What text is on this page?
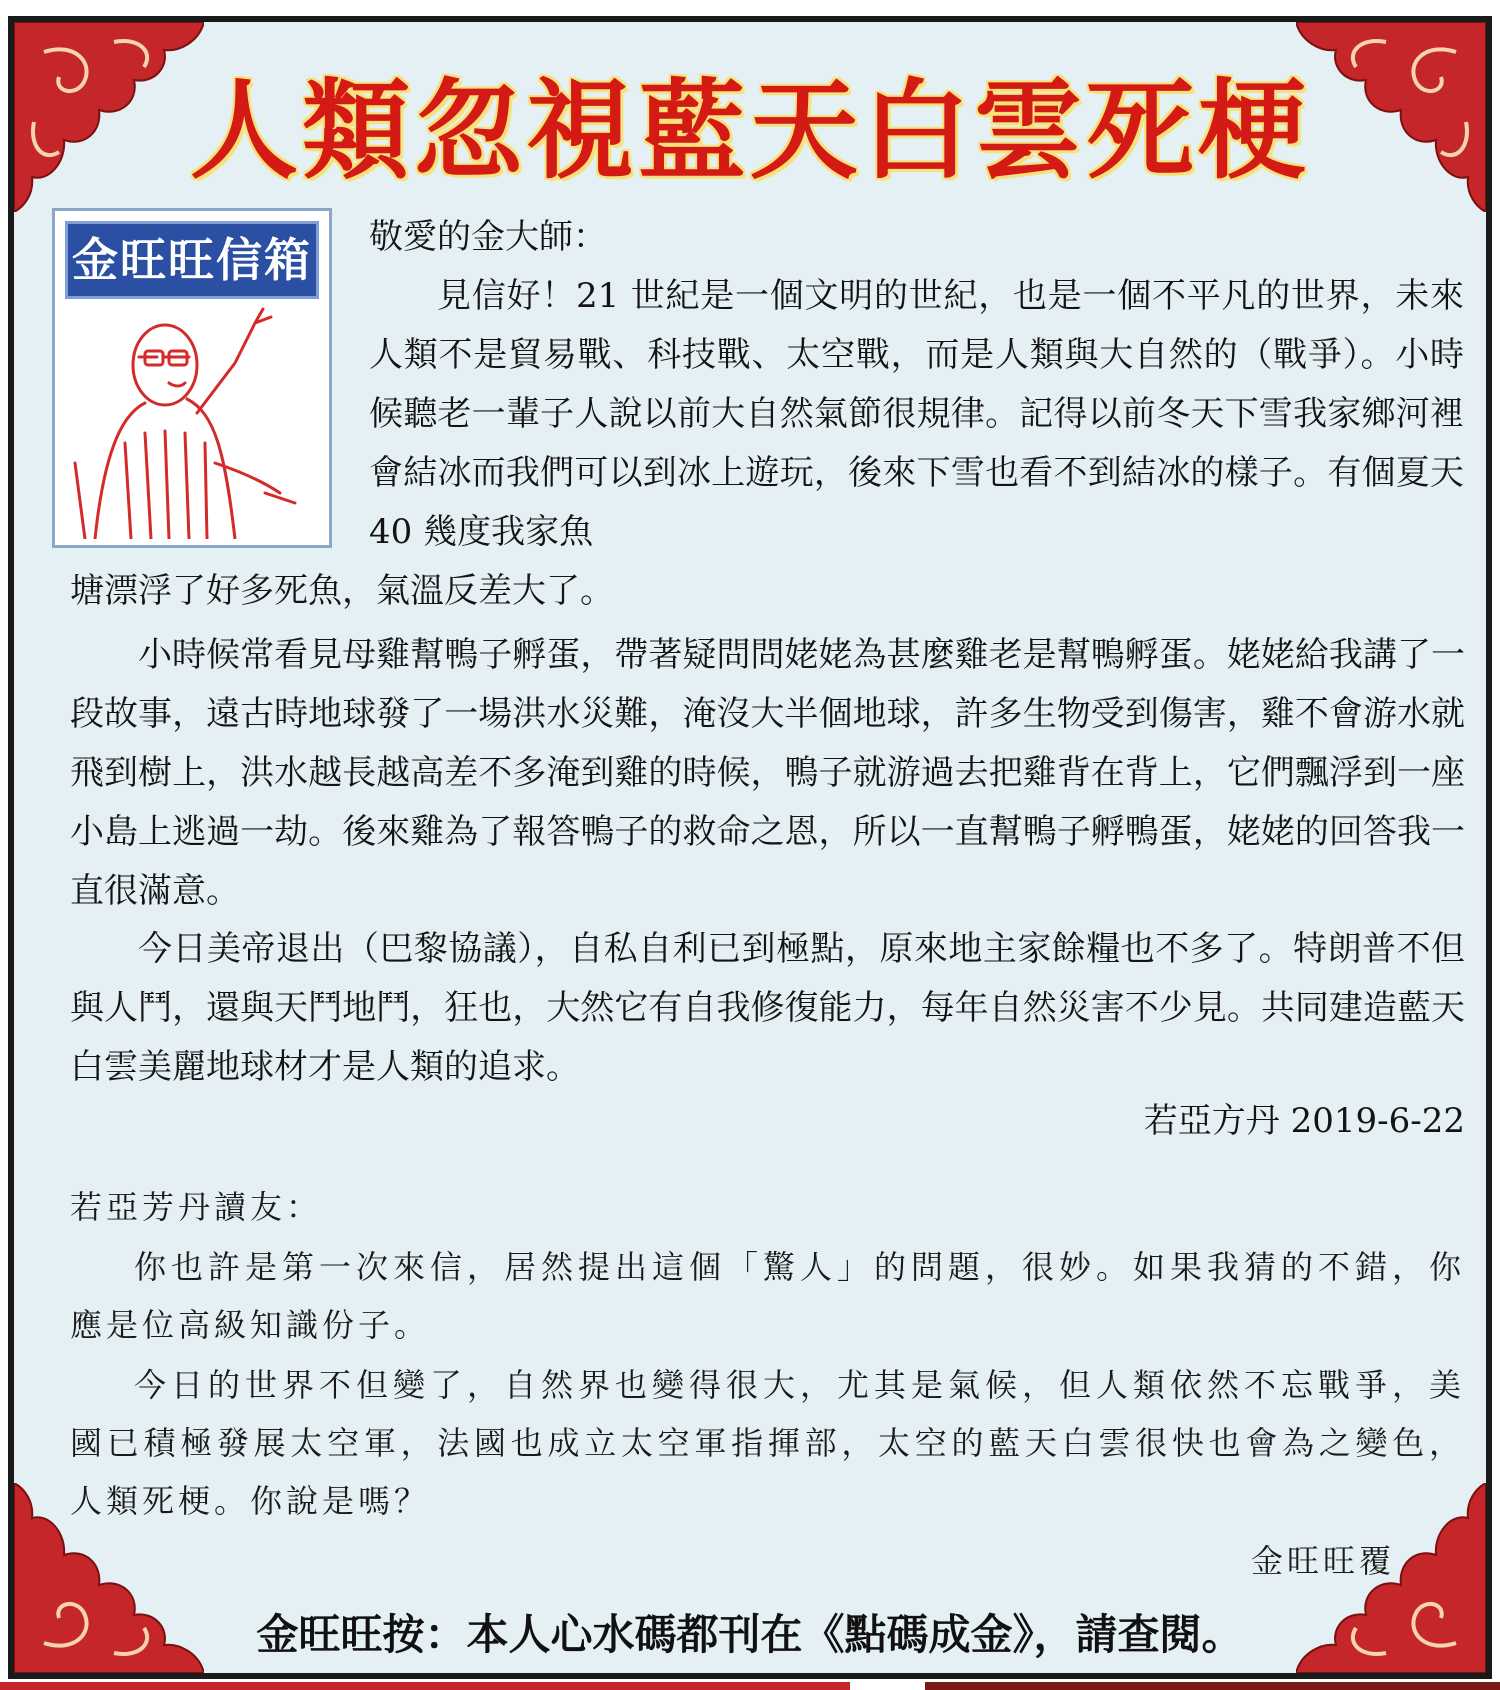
人類忽視藍天白雲死梗
金旺旺信箱 敬愛的金大師：

見信好！21 世紀是一個文明的世紀，也是一個不平凡的世界，未來人類不是貿易戰、科技戰、太空戰，而是人類與大自然的（戰爭）。小時候聽老一輩子人說以前大自然氣節很規律。記得以前冬天下雪我家鄉河裡會結冰而我們可以到冰上遊玩，後來下雪也看不到結冰的樣子。有個夏天 40 幾度我家魚

塘漂浮了好多死魚，氣溫反差大了。

小時候常看見母雞幫鴨子孵蛋，帶著疑問問姥姥為甚麼雞老是幫鴨孵蛋。姥姥給我講了一段故事，遠古時地球發了一場洪水災難，淹沒大半個地球，許多生物受到傷害，雞不會游水就飛到樹上，洪水越長越高差不多淹到雞的時候，鴨子就游過去把雞背在背上，它們飄浮到一座小島上逃過一劫。後來雞為了報答鴨子的救命之恩，所以一直幫鴨子孵鴨蛋，姥姥的回答我一直很滿意。

今日美帝退出（巴黎協議），自私自利已到極點，原來地主家餘糧也不多了。特朗普不但與人鬥，還與天鬥地鬥，狂也，大然它有自我修復能力，每年自然災害不少見。共同建造藍天白雲美麗地球材才是人類的追求。

若亞方丹 2019-6-22

若亞芳丹讀友：

你也許是第一次來信，居然提出這個「驚人」的問題，很妙。如果我猜的不錯，你應是位高級知識份子。

今日的世界不但變了，自然界也變得很大，尤其是氣候，但人類依然不忘戰爭，美國已積極發展太空軍，法國也成立太空軍指揮部，太空的藍天白雲很快也會為之變色，人類死梗。你說是嗎？

金旺旺覆

金旺旺按：本人心水碼都刊在《點碼成金》，請查閱。
